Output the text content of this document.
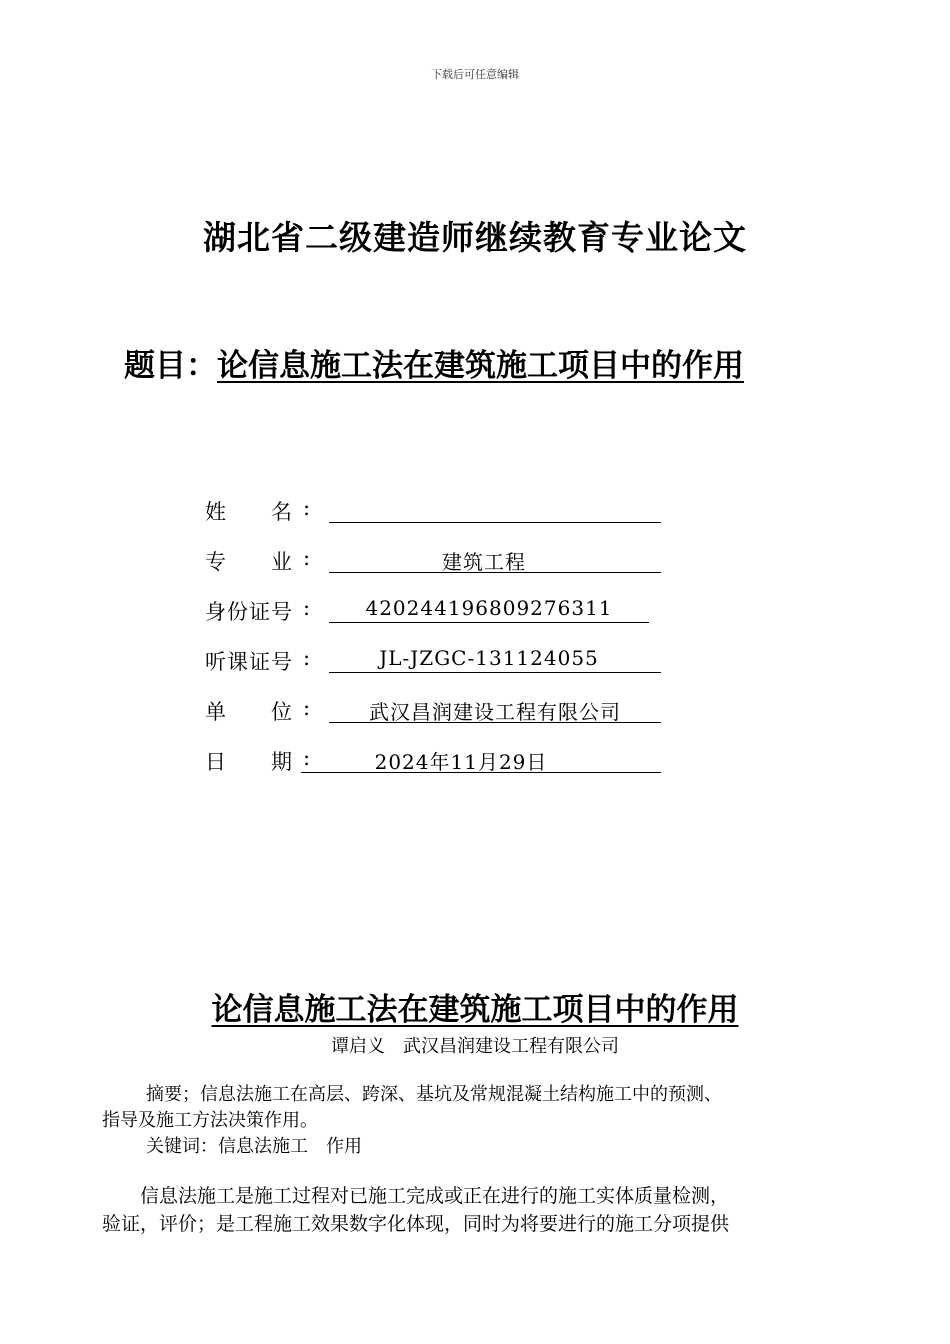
下载后可任意编辑
湖北省二级建造师继续教育专业论文
题目：论信息施工法在建筑施工项目中的作用
姓　　名 :
专　　业 :	建筑工程
身份证号 :	420244196809276311
听课证号 :	JL-JZGC-131124055
单　　位 :	武汉昌润建设工程有限公司
日　　期 :	2024年11月29日
论信息施工法在建筑施工项目中的作用
谭启义　武汉昌润建设工程有限公司
摘要；信息法施工在高层、跨深、基坑及常规混凝土结构施工中的预测、
指导及施工方法决策作用。
关键词：信息法施工　作用
　　信息法施工是施工过程对已施工完成或正在进行的施工实体质量检测，
验证，评价；是工程施工效果数字化体现，同时为将要进行的施工分项提供
